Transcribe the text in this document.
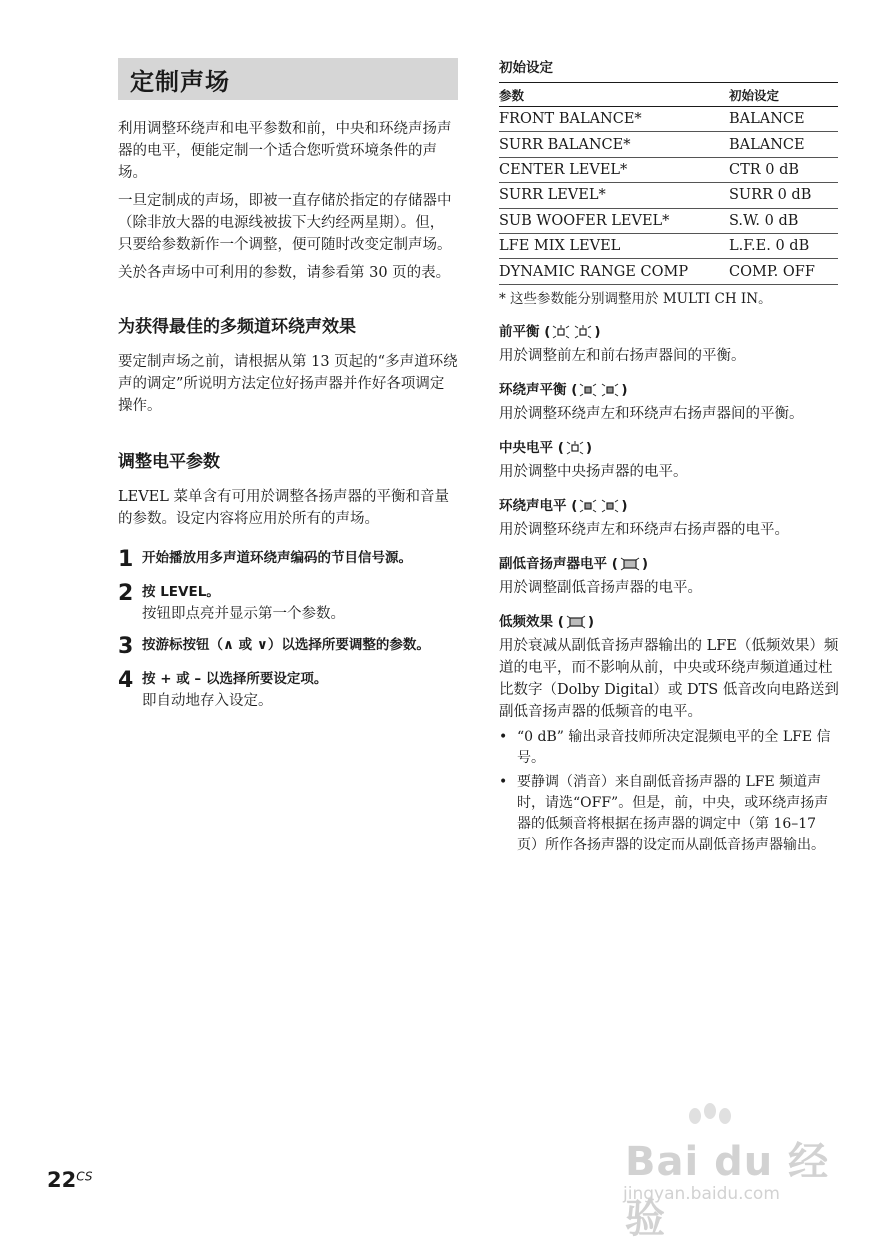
定制声场

利用调整环绕声和电平参数和前，中央和环绕声扬声器的电平，便能定制一个适合您听赏环境条件的声场。

一旦定制成的声场，即被一直存储於指定的存储器中（除非放大器的电源线被拔下大约经两星期）。但，只要给参数新作一个调整，便可随时改变定制声场。

关於各声场中可利用的参数，请参看第 30 页的表。

为获得最佳的多频道环绕声效果

要定制声场之前，请根据从第 13 页起的“多声道环绕声的调定”所说明方法定位好扬声器并作好各项调定操作。

调整电平参数

LEVEL 菜单含有可用於调整各扬声器的平衡和音量的参数。设定内容将应用於所有的声场。

1 开始播放用多声道环绕声编码的节目信号源。
2 按 LEVEL。
按钮即点亮并显示第一个参数。
3 按游标按钮（∧ 或 ∨）以选择所要调整的参数。
4 按 + 或 – 以选择所要设定项。
即自动地存入设定。
初始设定
参数	初始设定
FRONT BALANCE*	BALANCE
SURR BALANCE*	BALANCE
CENTER LEVEL*	CTR 0 dB
SURR LEVEL*	SURR 0 dB
SUB WOOFER LEVEL*	S.W. 0 dB
LFE MIX LEVEL	L.F.E. 0 dB
DYNAMIC RANGE COMP	COMP. OFF
* 这些参数能分别调整用於 MULTI CH IN。
前平衡 (	)

用於调整前左和前右扬声器间的平衡。

环绕声平衡 (	)

用於调整环绕声左和环绕声右扬声器间的平衡。

中央电平 (
)

用於调整中央扬声器的电平。

环绕声电平 (	)

用於调整环绕声左和环绕声右扬声器的电平。

副低音扬声器电平 (
)

用於调整副低音扬声器的电平。

低频效果 (
)

用於衰减从副低音扬声器输出的 LFE（低频效果）频道的电平，而不影响从前，中央或环绕声频道通过杜比数字（Dolby Digital）或 DTS 低音改向电路送到副低音扬声器的低频音的电平。

• “0 dB” 输出录音技师所决定混频电平的全 LFE 信号。
• 要静调（消音）来自副低音扬声器的 LFE 频道声时，请选“OFF”。但是，前，中央，或环绕声扬声器的低频音将根据在扬声器的调定中（第 16–17 页）所作各扬声器的设定而从副低音扬声器输出。
$22^{CS}$	Bai du 经验
jingyan.baidu.com
